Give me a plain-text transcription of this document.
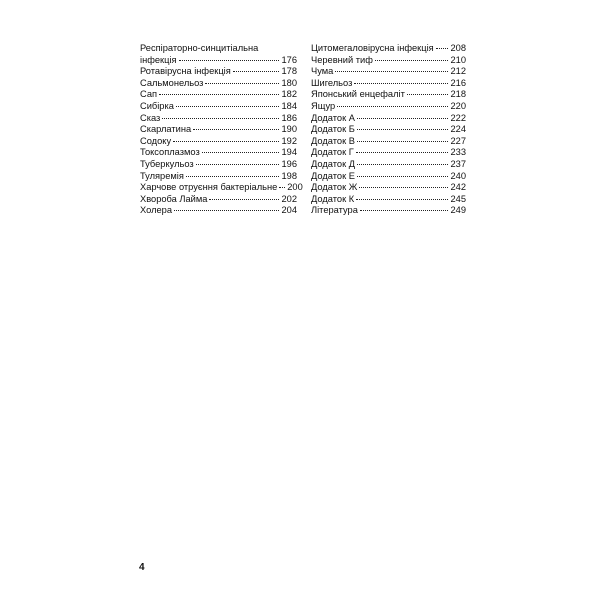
Респіраторно-синцитіальна
інфекція	176
Ротавірусна інфекція	178
Сальмонельоз	180
Сап	182
Сибірка	184
Сказ	186
Скарлатина	190
Содоку	192
Токсоплазмоз	194
Туберкульоз	196
Туляремія	198
Харчове отруєння бактеріальне 200
Хвороба Лайма	202
Холера	204
Цитомегаловірусна інфекція 208
Черевний тиф	210
Чума	212
Шигельоз	216
Японський енцефаліт	218
Ящур	220
Додаток А	222
Додаток Б	224
Додаток В	227
Додаток Г	233
Додаток Д	237
Додаток Е	240
Додаток Ж	242
Додаток К	245
Література	249
4
